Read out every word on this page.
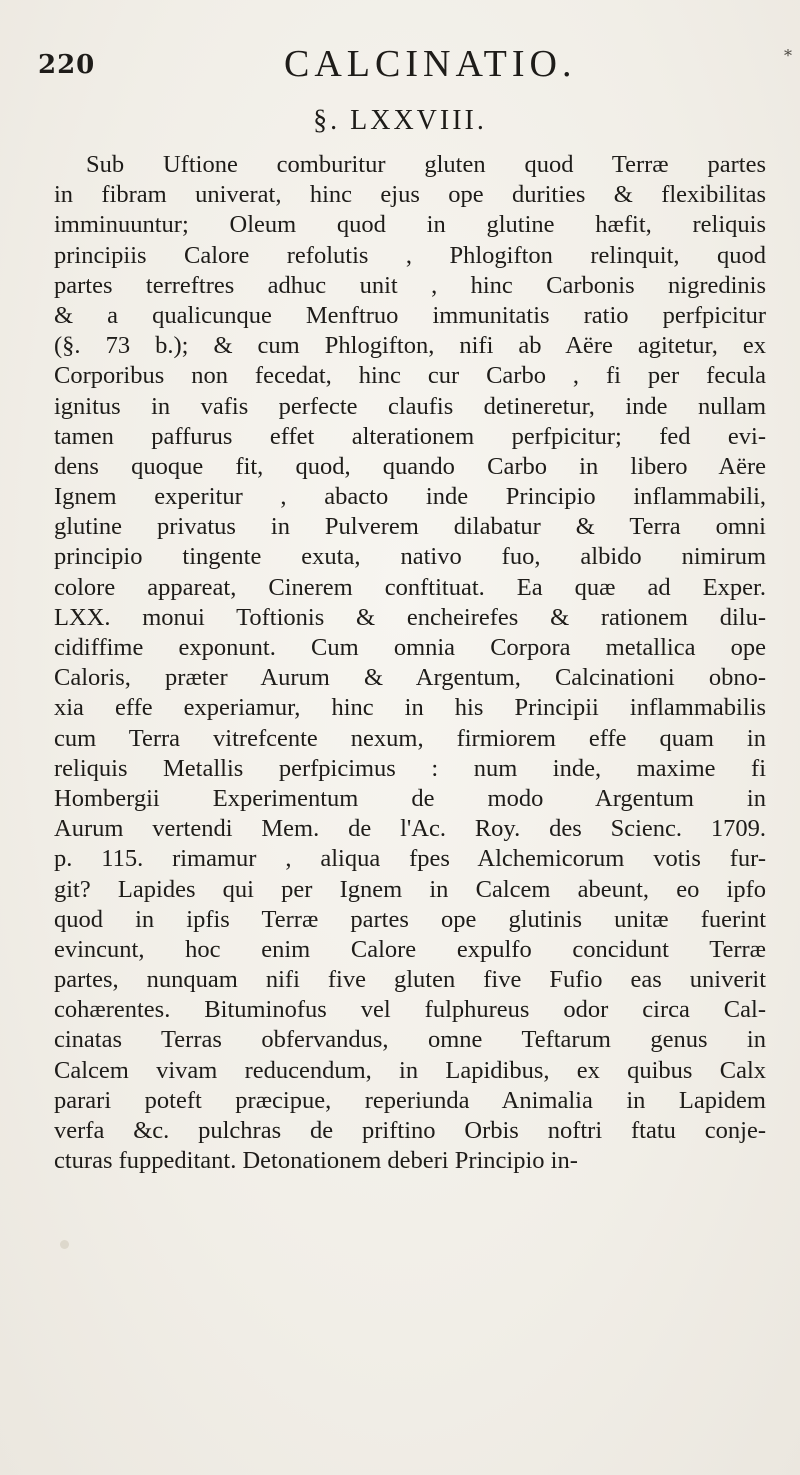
220	CALCINATIO.	*
§. LXXVIII.
Sub Uftione comburitur gluten quod Terræ partes
in fibram univerat, hinc ejus ope durities & flexibilitas
imminuuntur; Oleum quod in glutine hæfit, reliquis
principiis Calore refolutis , Phlogifton relinquit, quod
partes terreftres adhuc unit , hinc Carbonis nigredinis
& a qualicunque Menftruo immunitatis ratio perfpicitur
(§. 73 b.); & cum Phlogifton, nifi ab Aëre agitetur, ex
Corporibus non fecedat, hinc cur Carbo , fi per fecula
ignitus in vafis perfecte claufis detineretur, inde nullam
tamen paffurus effet alterationem perfpicitur; fed evi-
dens quoque fit, quod, quando Carbo in libero Aëre
Ignem experitur , abacto inde Principio inflammabili,
glutine privatus in Pulverem dilabatur & Terra omni
principio tingente exuta, nativo fuo, albido nimirum
colore appareat, Cinerem conftituat. Ea quæ ad Exper.
LXX. monui Toftionis & encheirefes & rationem dilu-
cidiffime exponunt. Cum omnia Corpora metallica ope
Caloris, præter Aurum & Argentum, Calcinationi obno-
xia effe experiamur, hinc in his Principii inflammabilis
cum Terra vitrefcente nexum, firmiorem effe quam in
reliquis Metallis perfpicimus : num inde, maxime fi
Hombergii Experimentum de modo Argentum in
Aurum vertendi Mem. de l'Ac. Roy. des Scienc. 1709.
p. 115. rimamur , aliqua fpes Alchemicorum votis fur-
git? Lapides qui per Ignem in Calcem abeunt, eo ipfo
quod in ipfis Terræ partes ope glutinis unitæ fuerint
evincunt, hoc enim Calore expulfo concidunt Terræ
partes, nunquam nifi five gluten five Fufio eas univerit
cohærentes. Bituminofus vel fulphureus odor circa Cal-
cinatas Terras obfervandus, omne Teftarum genus in
Calcem vivam reducendum, in Lapidibus, ex quibus Calx
parari poteft præcipue, reperiunda Animalia in Lapidem
verfa &c. pulchras de priftino Orbis noftri ftatu conje-
cturas fuppeditant. Detonationem deberi Principio in-
